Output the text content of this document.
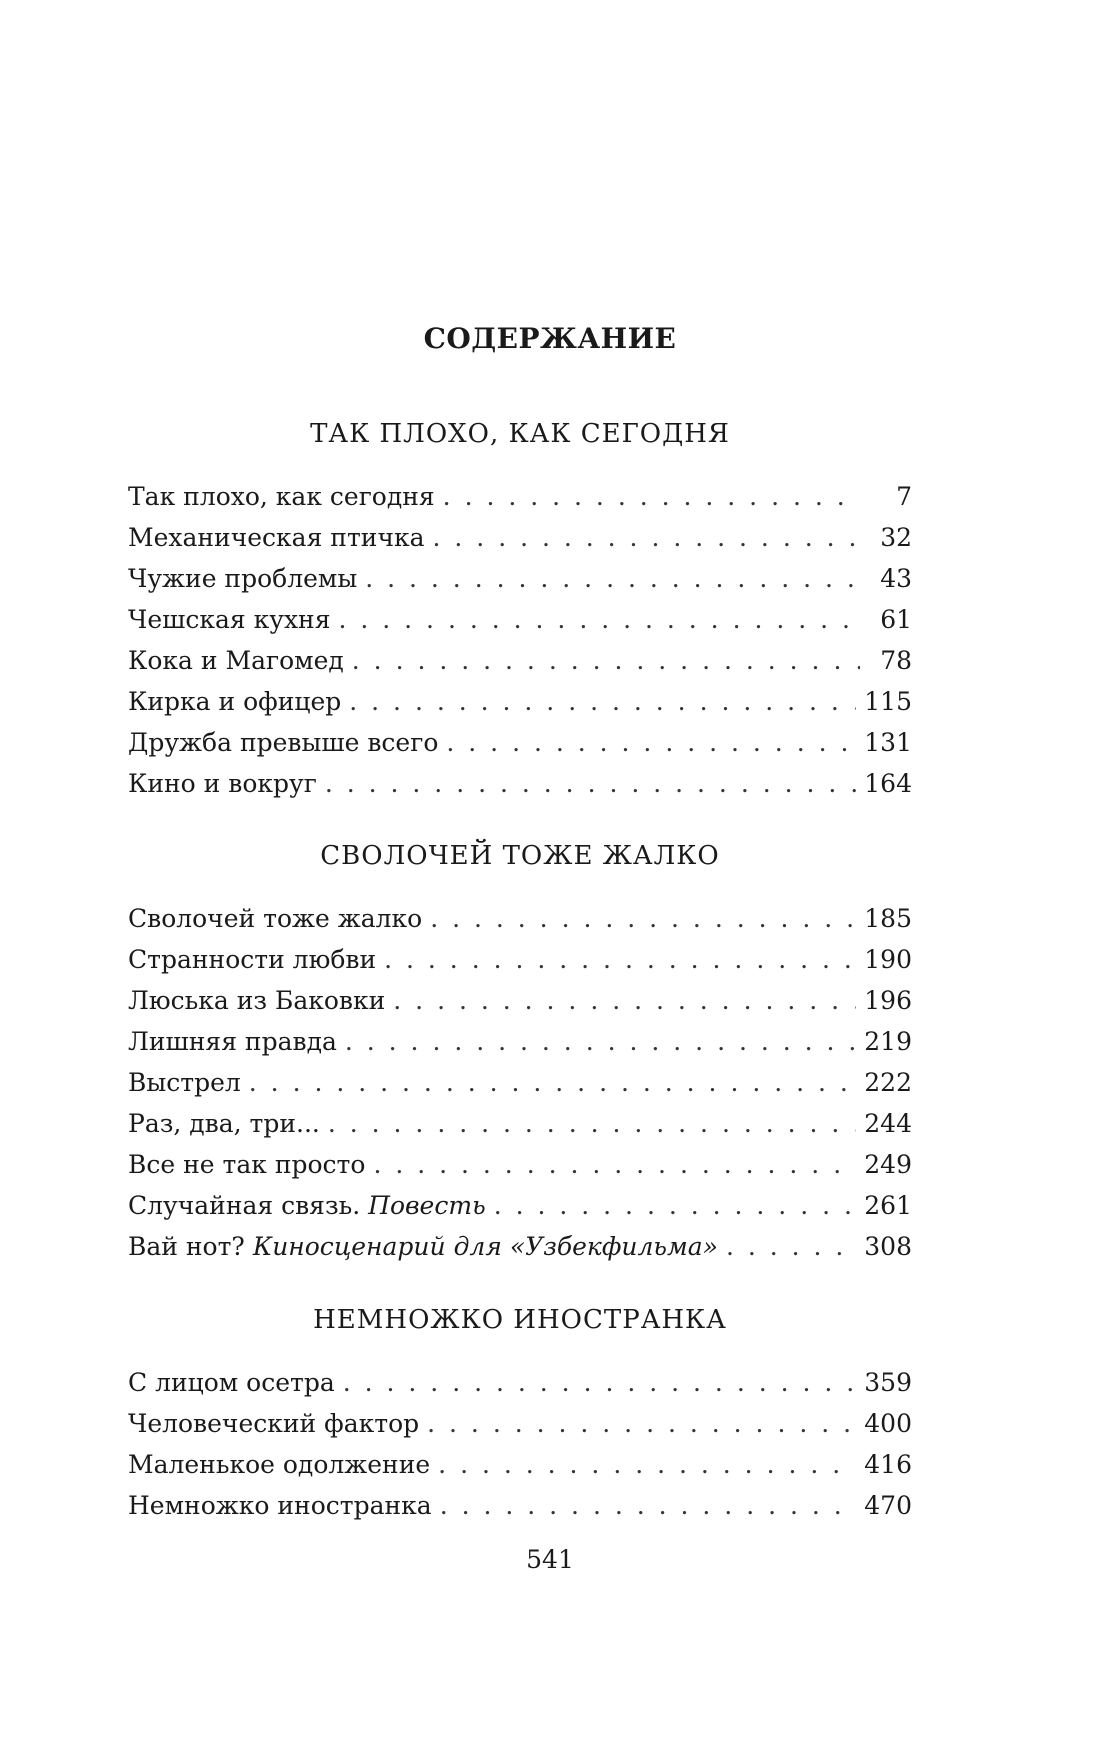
СОДЕРЖАНИЕ
ТАК ПЛОХО, КАК СЕГОДНЯ
Так плохо, как сегодня . . .	7
Механическая птичка . . .	32
Чужие проблемы . . .	43
Чешская кухня . . .	61
Кока и Магомед . . .	78
Кирка и офицер . . .	115
Дружба превыше всего . . .	131
Кино и вокруг . . .	164
СВОЛОЧЕЙ ТОЖЕ ЖАЛКО
Сволочей тоже жалко . . .	185
Странности любви . . .	190
Люська из Баковки . . .	196
Лишняя правда . . .	219
Выстрел . . .	222
Раз, два, три... . . .	244
Все не так просто . . .	249
Случайная связь. Повесть . . .	261
Вай нот? Киносценарий для «Узбекфильма» . . .	308
НЕМНОЖКО ИНОСТРАНКА
С лицом осетра . . .	359
Человеческий фактор . . .	400
Маленькое одолжение . . .	416
Немножко иностранка . . .	470
541
